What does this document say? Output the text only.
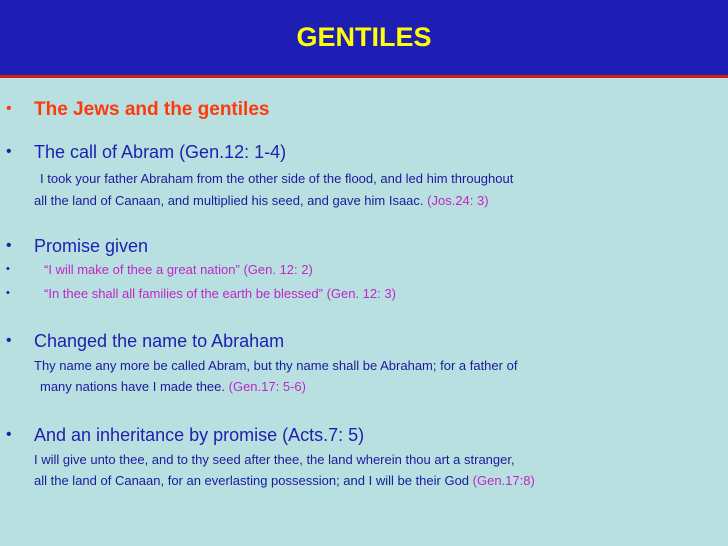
GENTILES
• The Jews and the gentiles
• The call of Abram (Gen.12: 1-4)
I took your father Abraham from the other side of the flood, and led him throughout
all the land of Canaan, and multiplied his seed, and gave him Isaac. (Jos.24: 3)
• Promise given
•	“I will make of thee a great nation” (Gen. 12: 2)
•	“In thee shall all families of the earth be blessed” (Gen. 12: 3)
• Changed the name to Abraham
Thy name any more be called Abram, but thy name shall be Abraham; for a father of
many nations have I made thee. (Gen.17: 5-6)
• And an inheritance by promise (Acts.7: 5)
I will give unto thee, and to thy seed after thee, the land wherein thou art a stranger,
all the land of Canaan, for an everlasting possession; and I will be their God (Gen.17:8)
